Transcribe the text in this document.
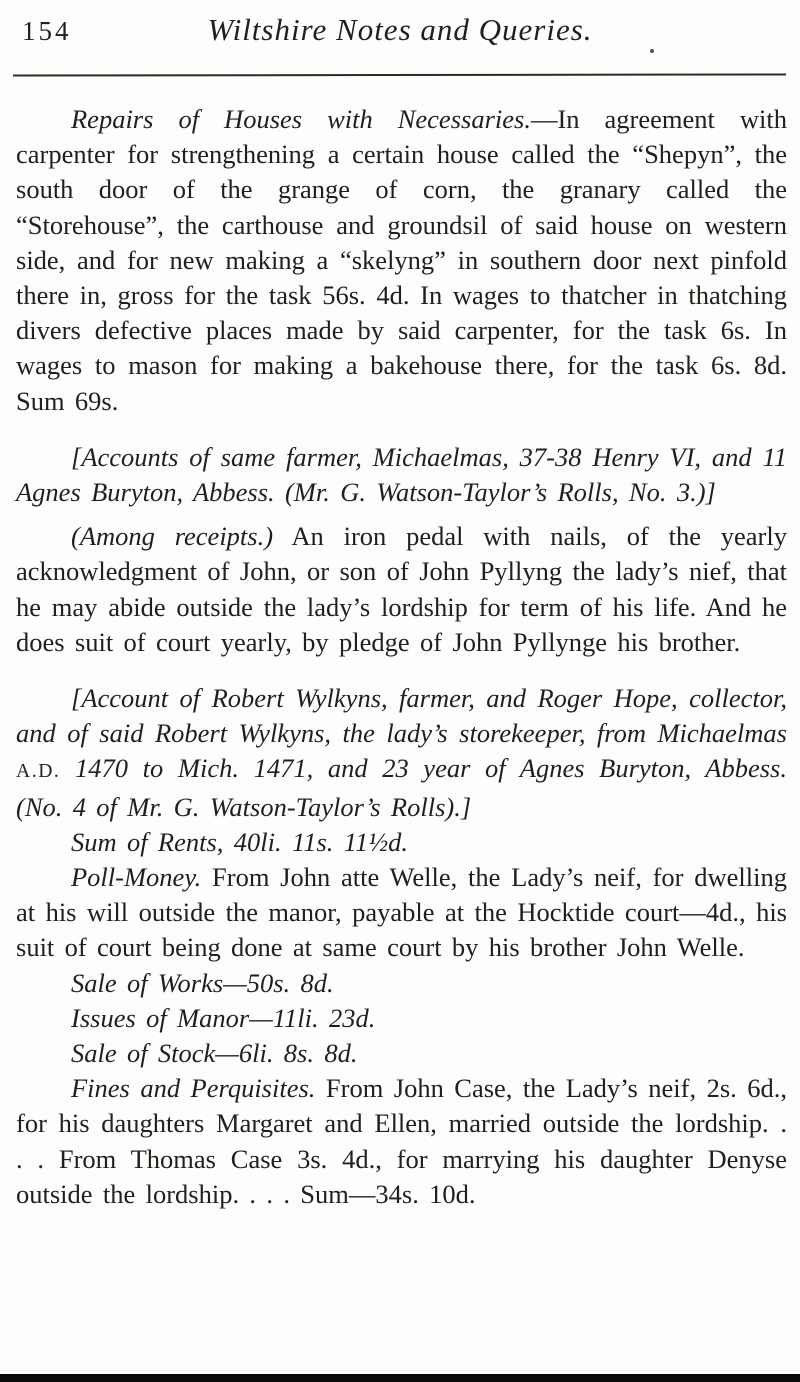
154	Wiltshire Notes and Queries.

Repairs of Houses with Necessaries.—In agreement with carpenter for strengthening a certain house called the “Shepyn”, the south door of the grange of corn, the granary called the “Storehouse”, the carthouse and groundsil of said house on western side, and for new making a “skelyng” in southern door next pinfold there in, gross for the task 56s. 4d. In wages to thatcher in thatching divers defective places made by said carpenter, for the task 6s. In wages to mason for making a bakehouse there, for the task 6s. 8d. Sum 69s.

[Accounts of same farmer, Michaelmas, 37-38 Henry VI, and 11 Agnes Buryton, Abbess. (Mr. G. Watson-Taylor’s Rolls, No. 3.)]

(Among receipts.) An iron pedal with nails, of the yearly acknowledgment of John, or son of John Pyllyng the lady’s nief, that he may abide outside the lady’s lordship for term of his life. And he does suit of court yearly, by pledge of John Pyllynge his brother.

[Account of Robert Wylkyns, farmer, and Roger Hope, collector, and of said Robert Wylkyns, the lady’s storekeeper, from Michaelmas A.D. 1470 to Mich. 1471, and 23 year of Agnes Buryton, Abbess. (No. 4 of Mr. G. Watson-Taylor’s Rolls).]

Sum of Rents, 40li. 11s. 11½d.

Poll-Money. From John atte Welle, the Lady’s neif, for dwelling at his will outside the manor, payable at the Hocktide court—4d., his suit of court being done at same court by his brother John Welle.

Sale of Works—50s. 8d.

Issues of Manor—11li. 23d.

Sale of Stock—6li. 8s. 8d.

Fines and Perquisites. From John Case, the Lady’s neif, 2s. 6d., for his daughters Margaret and Ellen, married outside the lordship. . . . From Thomas Case 3s. 4d., for marrying his daughter Denyse outside the lordship. . . . Sum—34s. 10d.
